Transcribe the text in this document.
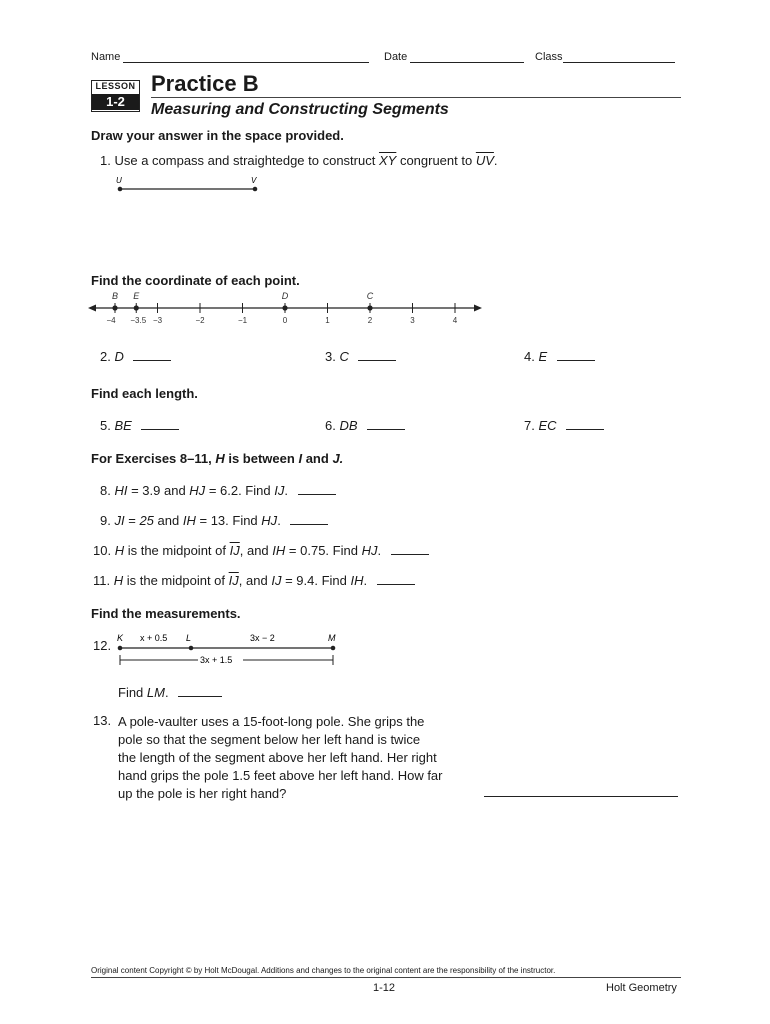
Name	Date	Class
LESSON
1-2
Practice B
Measuring and Constructing Segments
Draw your answer in the space provided.
1. Use a compass and straightedge to construct $\overline{XY}$ congruent to $\overline{UV}$.
U	V
Find the coordinate of each point.
−4 −3.5 −3	−2	−1	0	1	2	3	4
B E	D	C
2. D	3. C	4. E
Find each length.
5. BE	6. DB	7. EC
For Exercises 8–11, H is between I and J.
8. HI = 3.9 and HJ = 6.2. Find IJ.
9. JI = 25 and IH = 13. Find HJ.
10. H is the midpoint of $\overline{IJ}$, and IH = 0.75. Find HJ.
11. H is the midpoint of $\overline{IJ}$, and IJ = 9.4. Find IH.
Find the measurements.
12. K x + 0.5 L	3x − 2	M
3x + 1.5
Find LM.
13. A pole-vaulter uses a 15-foot-long pole. She grips the
pole so that the segment below her left hand is twice
the length of the segment above her left hand. Her right
hand grips the pole 1.5 feet above her left hand. How far
up the pole is her right hand?
Original content Copyright © by Holt McDougal. Additions and changes to the original content are the responsibility of the instructor.
1-12	Holt Geometry
